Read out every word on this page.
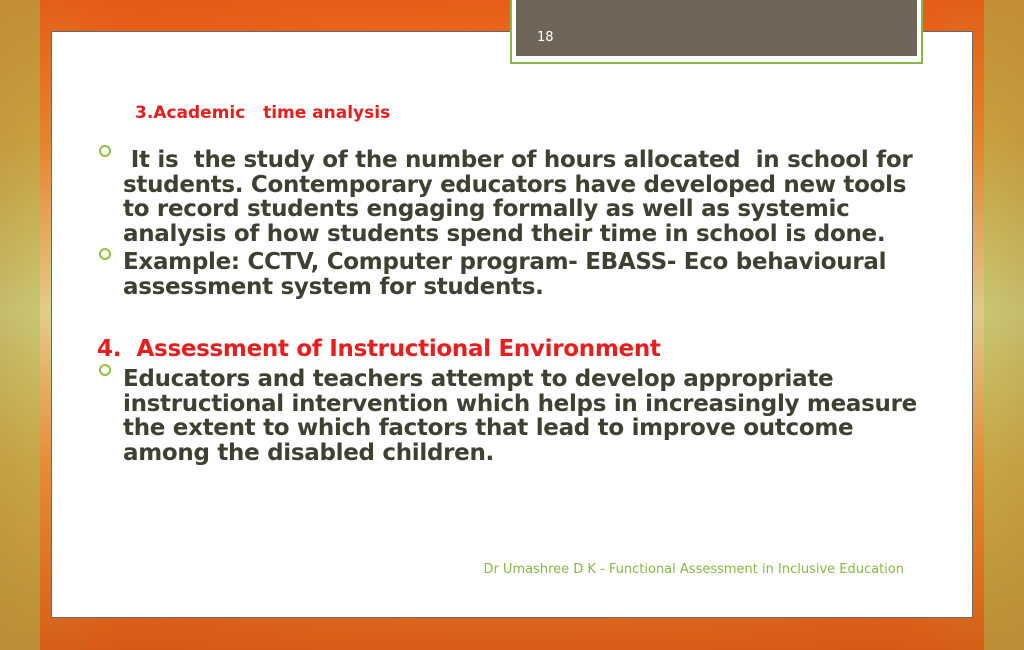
18
3.Academic   time analysis
It is  the study of the number of hours allocated  in school for students. Contemporary educators have developed new tools to record students engaging formally as well as systemic analysis of how students spend their time in school is done.
Example: CCTV, Computer program- EBASS- Eco behavioural assessment system for students.
4.  Assessment of Instructional Environment
Educators and teachers attempt to develop appropriate instructional intervention which helps in increasingly measure the extent to which factors that lead to improve outcome among the disabled children.
Dr Umashree D K - Functional Assessment in Inclusive Education
